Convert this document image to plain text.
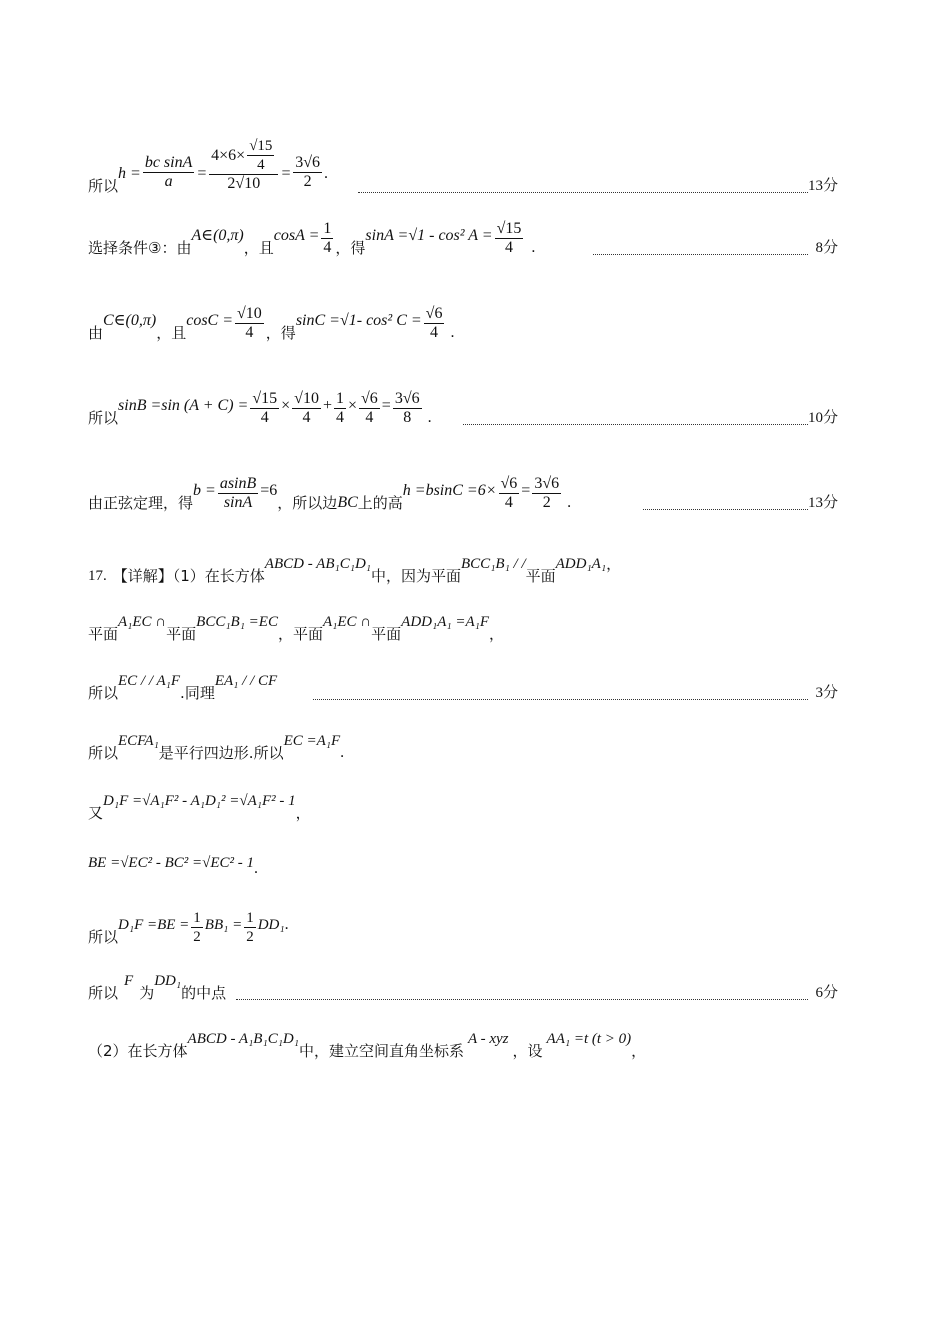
所以
$h = \frac{\text{bc sinA}}{a} = \frac{4\times 6\times \frac{√15}{4}}{2√10} = \frac{3√6}{2}$ .
13分
选择条件③：由
A∈(0,π)
，且
$\cos A = \frac{1}{4}$ ，得
sinA =√1 - cos² $A = \frac{√15}{4}$ .	8分
由
C∈(0,π)
，且
$\cos C = \frac{√10}{4}$ ，得
sinC =√1- cos² $C = \frac{√6}{4}$ .
所以
sinB =sin $(A + C) = \frac{√15}{4} \times \frac{√10}{4} + \frac{1}{4} \times \frac{√6}{4} = \frac{3√6}{8}$ .	10分
由正弦定理，得
$b = \frac{asinB}{\sin A} =6$
，所以边 BC 上的高
$h =bsinC =6\times \frac{√6}{4} = \frac{3√6}{2}$ .	13分
17. 【详解】（1）在长方体
ABCD - AB₁C₁D₁
中，因为平面
BCC₁B₁ / /
平面
ADD₁A₁ ，
平面
A₁EC ∩
平面
BCC₁B₁ =EC
，平面
A₁EC ∩
平面
ADD₁A₁ =A₁F
，
所以
EC / / A₁F
.同理
EA₁ / / CF
3分
所以
ECFA₁
是平行四边形.所以
EC =A₁F
.
又
D₁F =√A₁F² - A₁D₁² =√A₁F² - 1
，
BE =√EC² - BC² =√EC² - 1 .
所以
$D_1F =BE = \frac{1}{2} BB_1 = \frac{1}{2} DD_1$ .
所以
F
为
DD₁
的中点	6分
（2）在长方体
ABCD - A₁B₁C₁D₁
中，建立空间直角坐标系
A - xyz
，设
AA₁ =t (t > 0)
，
